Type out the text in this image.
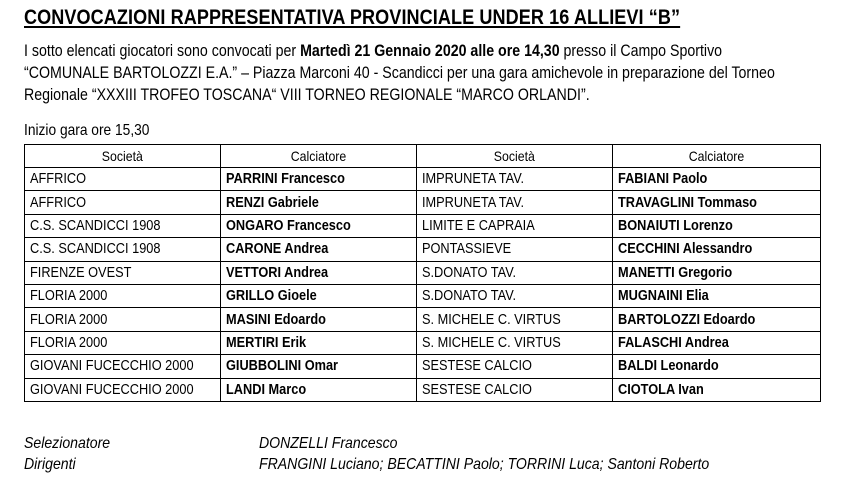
CONVOCAZIONI RAPPRESENTATIVA PROVINCIALE UNDER 16 ALLIEVI “B”

I sotto elencati giocatori sono convocati per Martedì 21 Gennaio 2020 alle ore 14,30 presso il Campo Sportivo
“COMUNALE BARTOLOZZI E.A.” – Piazza Marconi 40 - Scandicci per una gara amichevole in preparazione del Torneo
Regionale “XXXIII TROFEO TOSCANA“ VIII TORNEO REGIONALE “MARCO ORLANDI”.

Inizio gara ore 15,30

Società	Calciatore	Società	Calciatore
AFFRICO	PARRINI Francesco	IMPRUNETA TAV.	FABIANI Paolo
AFFRICO	RENZI Gabriele	IMPRUNETA TAV.	TRAVAGLINI Tommaso
C.S. SCANDICCI 1908	ONGARO Francesco	LIMITE E CAPRAIA	BONAIUTI Lorenzo
C.S. SCANDICCI 1908	CARONE Andrea	PONTASSIEVE	CECCHINI Alessandro
FIRENZE OVEST	VETTORI Andrea	S.DONATO TAV.	MANETTI Gregorio
FLORIA 2000	GRILLO Gioele	S.DONATO TAV.	MUGNAINI Elia
FLORIA 2000	MASINI Edoardo	S. MICHELE C. VIRTUS	BARTOLOZZI Edoardo
FLORIA 2000	MERTIRI Erik	S. MICHELE C. VIRTUS	FALASCHI Andrea
GIOVANI FUCECCHIO 2000	GIUBBOLINI Omar	SESTESE CALCIO	BALDI Leonardo
GIOVANI FUCECCHIO 2000	LANDI Marco	SESTESE CALCIO	CIOTOLA Ivan
Selezionatore	DONZELLI Francesco
Dirigenti	FRANGINI Luciano; BECATTINI Paolo; TORRINI Luca; Santoni Roberto
